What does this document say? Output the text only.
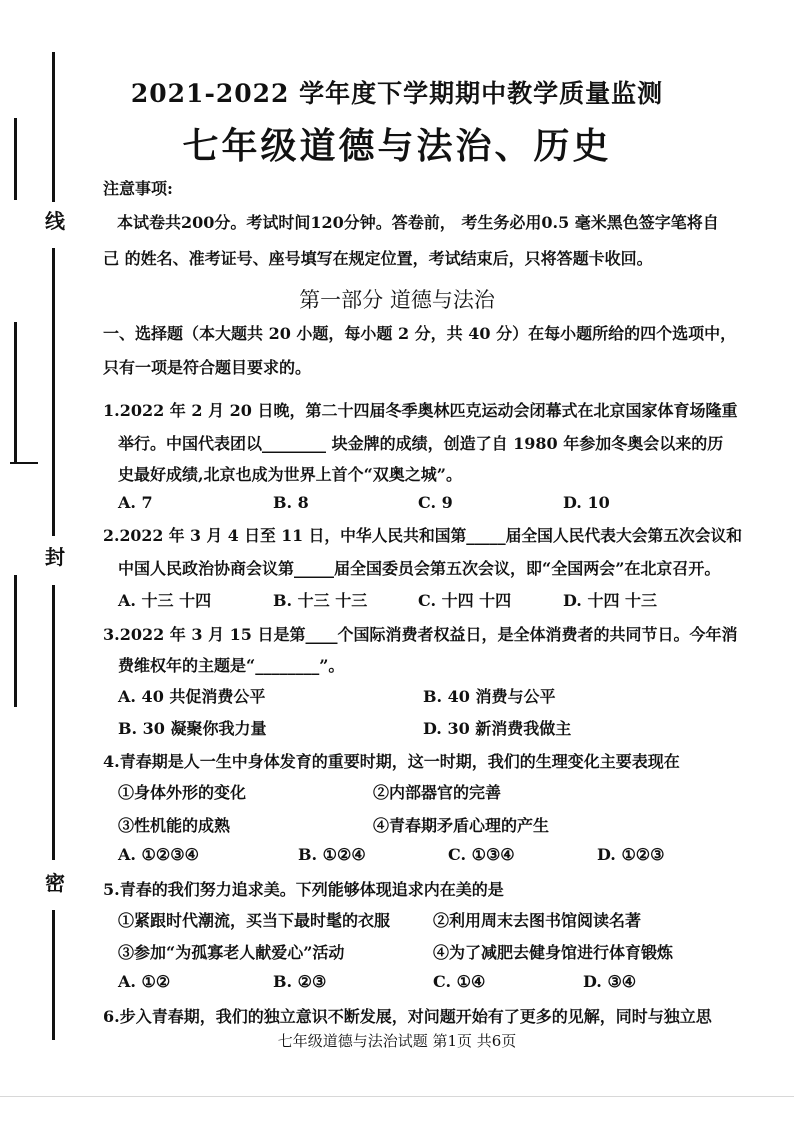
线
封
密
2021-2022 学年度下学期期中教学质量监测
七年级道德与法治、历史
注意事项:
本试卷共200分。考试时间120分钟。答卷前， 考生务必用0.5 毫米黑色签字笔将自
己 的姓名、准考证号、座号填写在规定位置，考试结束后，只将答题卡收回。
第一部分 道德与法治
一、选择题（本大题共 20 小题，每小题 2 分，共 40 分）在每小题所给的四个选项中，
只有一项是符合题目要求的。
1.2022 年 2 月 20 日晚，第二十四届冬季奥林匹克运动会闭幕式在北京国家体育场隆重
举行。中国代表团以________ 块金牌的成绩，创造了自 1980 年参加冬奥会以来的历
史最好成绩,北京也成为世界上首个“双奥之城”。
A. 7	B. 8	C. 9	D. 10
2.2022 年 3 月 4 日至 11 日，中华人民共和国第_____届全国人民代表大会第五次会议和
中国人民政治协商会议第_____届全国委员会第五次会议，即“全国两会”在北京召开。
A. 十三 十四	B. 十三 十三	C. 十四 十四	D. 十四 十三
3.2022 年 3 月 15 日是第____个国际消费者权益日，是全体消费者的共同节日。今年消
费维权年的主题是“________”。
A. 40 共促消费公平	B. 40 消费与公平
B. 30 凝聚你我力量	D. 30 新消费我做主
4.青春期是人一生中身体发育的重要时期，这一时期，我们的生理变化主要表现在
①身体外形的变化	②内部器官的完善
③性机能的成熟	④青春期矛盾心理的产生
A. ①②③④	B. ①②④	C. ①③④	D. ①②③
5.青春的我们努力追求美。下列能够体现追求内在美的是
①紧跟时代潮流，买当下最时髦的衣服	②利用周末去图书馆阅读名著
③参加“为孤寡老人献爱心”活动	④为了减肥去健身馆进行体育锻炼
A. ①②	B. ②③	C. ①④	D. ③④
6.步入青春期，我们的独立意识不断发展，对问题开始有了更多的见解，同时与独立思
七年级道德与法治试题 第1页 共6页
